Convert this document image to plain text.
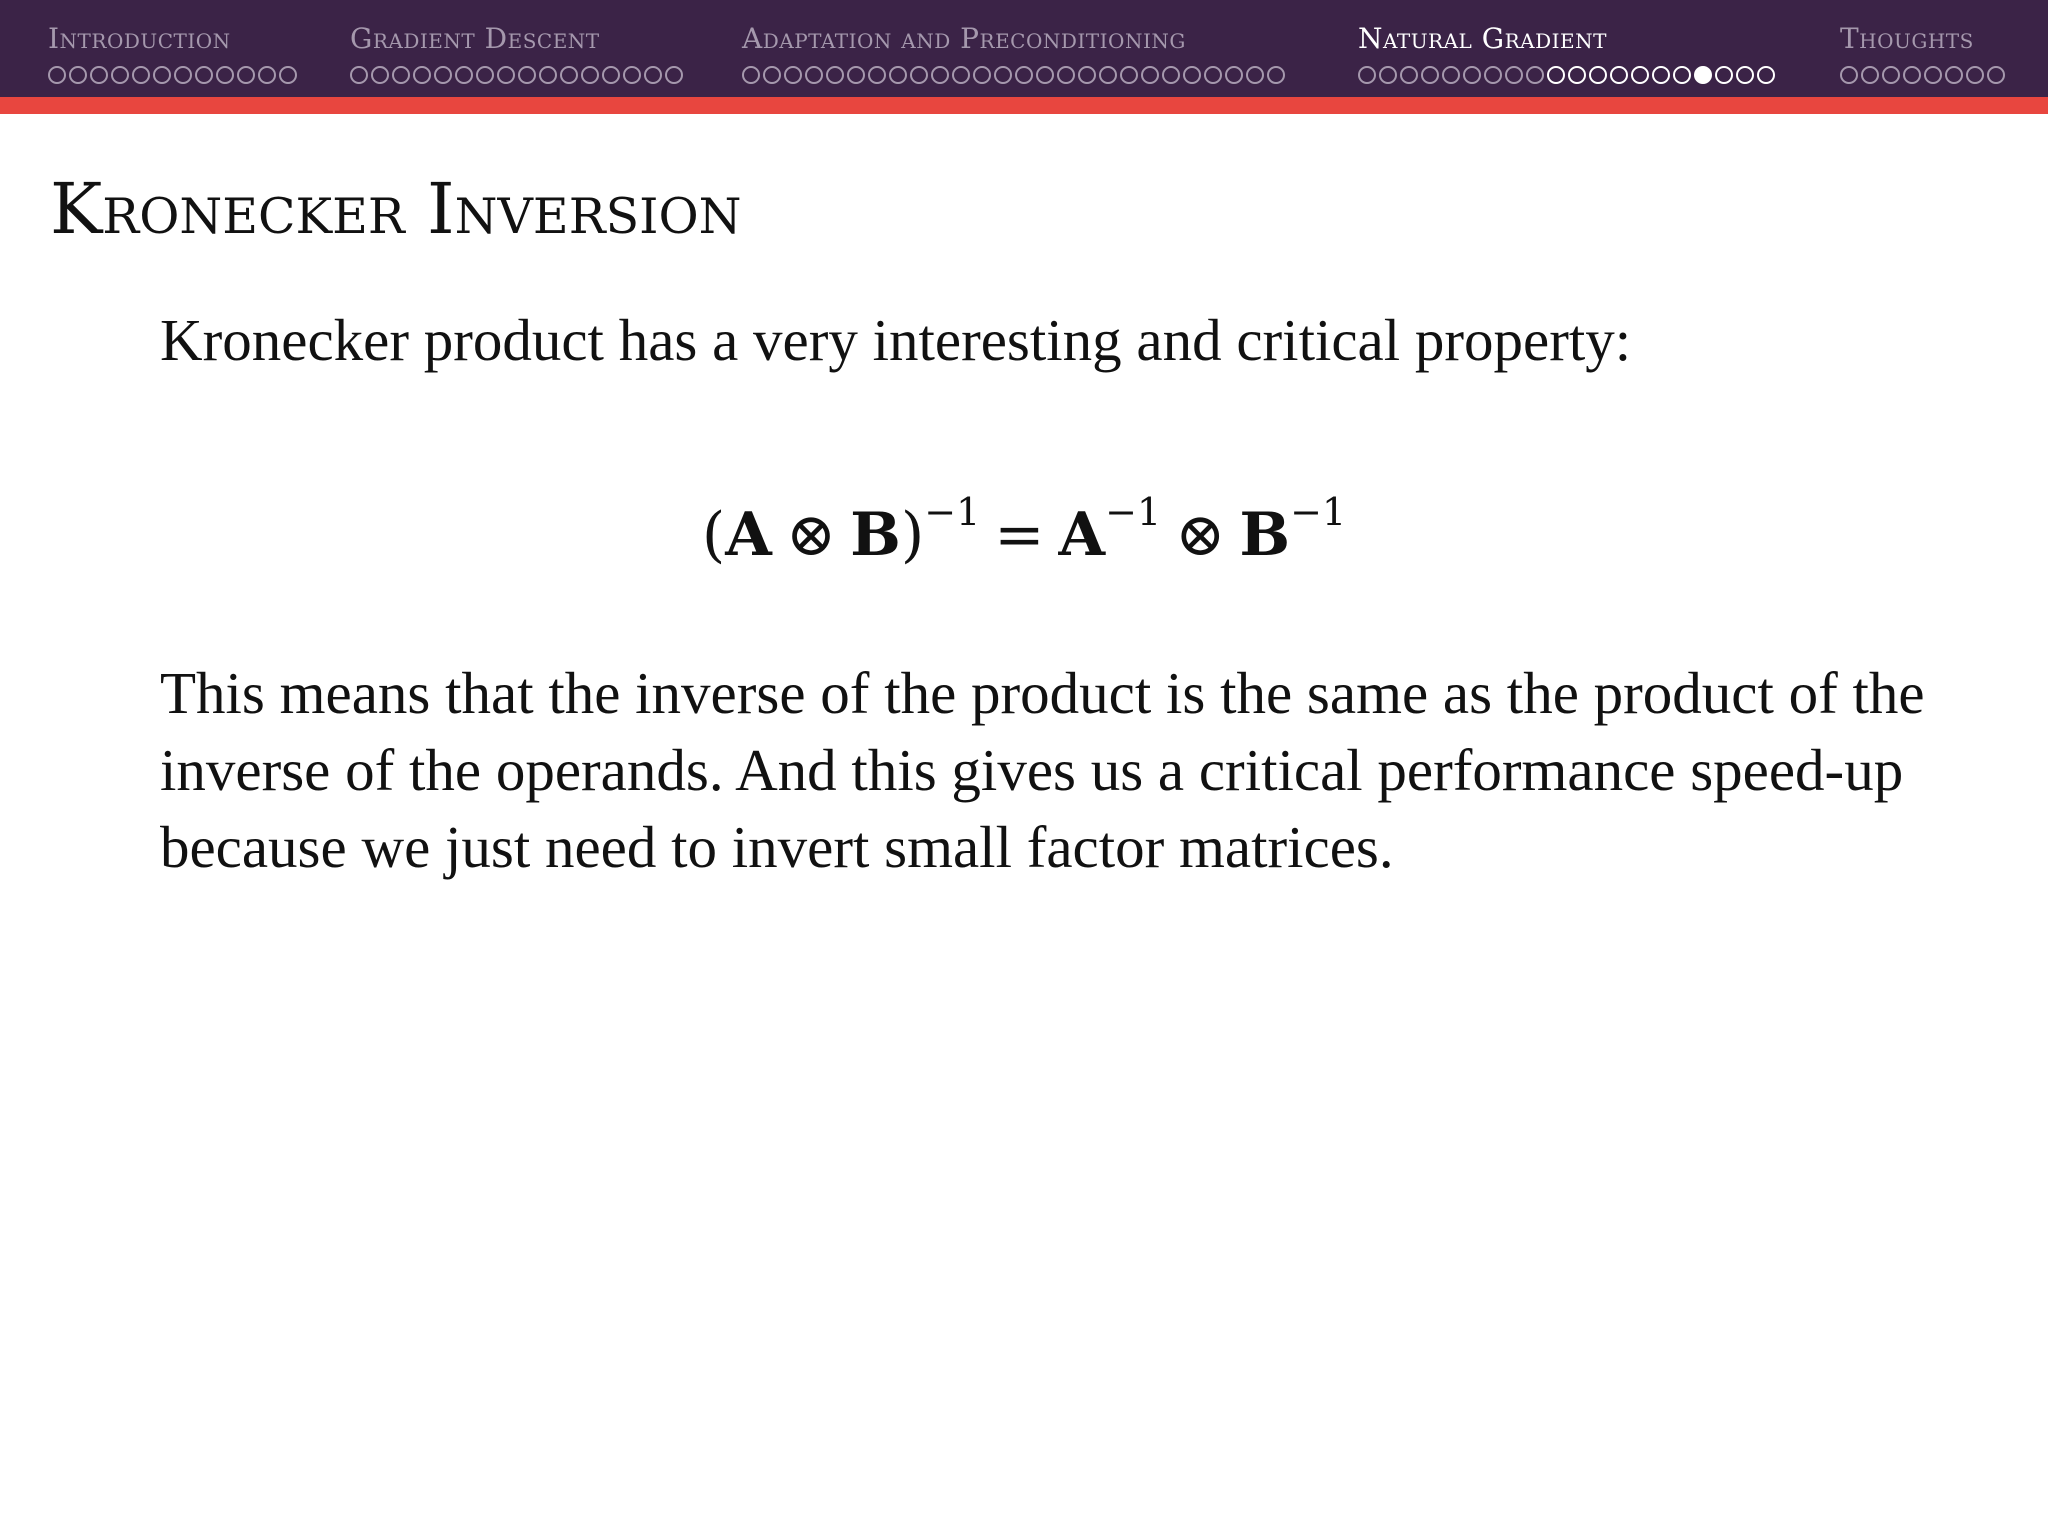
Introduction	Gradient Descent	Adaptation and Preconditioning	Natural Gradient	Thoughts
Kronecker Inversion

Kronecker product has a very interesting and critical property:

(A ⊗ $B)^{-1} = A^{-1}$ ⊗ $B^{-1}$

This means that the inverse of the product is the same as the product of the inverse of the operands. And this gives us a critical performance speed-up because we just need to invert small factor matrices.
